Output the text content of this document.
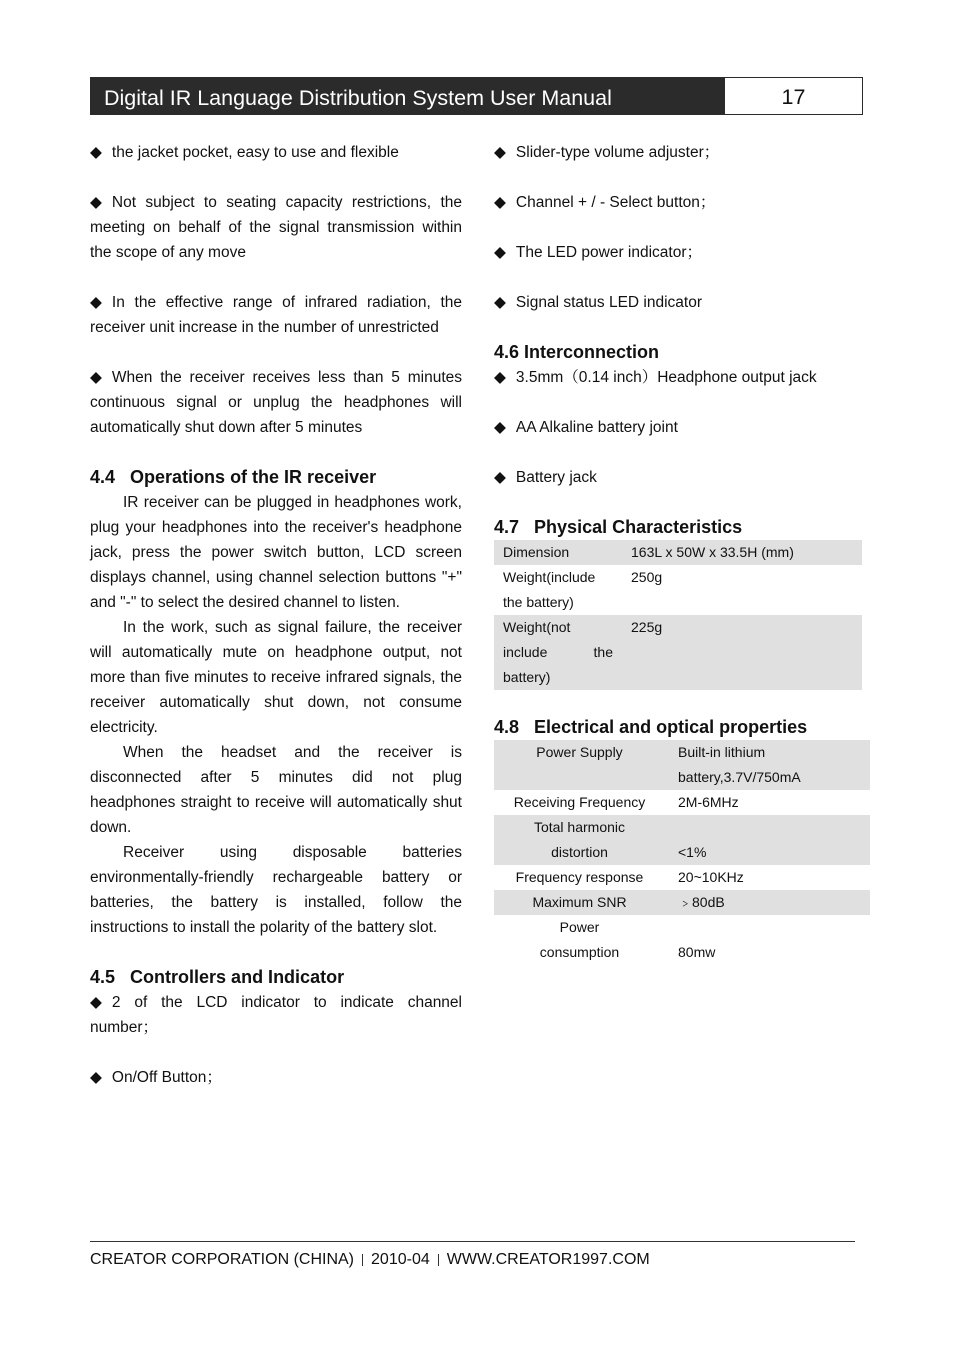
Digital IR Language Distribution System User Manual	17

◆ the jacket pocket, easy to use and flexible

◆ Not subject to seating capacity restrictions, the meeting on behalf of the signal transmission within the scope of any move

◆ In the effective range of infrared radiation, the receiver unit increase in the number of unrestricted

◆ When the receiver receives less than 5 minutes continuous signal or unplug the headphones will automatically shut down after 5 minutes

4.4 Operations of the IR receiver

IR receiver can be plugged in headphones work, plug your headphones into the receiver's headphone jack, press the power switch button, LCD screen displays channel, using channel selection buttons "+" and "-" to select the desired channel to listen.

In the work, such as signal failure, the receiver will automatically mute on headphone output, not more than five minutes to receive infrared signals, the receiver automatically shut down, not consume electricity.

When the headset and the receiver is disconnected after 5 minutes did not plug headphones straight to receive will automatically shut down.

Receiver using disposable batteries environmentally-friendly rechargeable battery or batteries, the battery is installed, follow the instructions to install the polarity of the battery slot.

4.5 Controllers and Indicator

◆ 2 of the LCD indicator to indicate channel number；

◆ On/Off Button；

◆ Slider-type volume adjuster；

◆ Channel + / - Select button；

◆ The LED power indicator；

◆ Signal status LED indicator

4.6 Interconnection

◆ 3.5mm（0.14 inch）Headphone output jack

◆ AA Alkaline battery joint

◆ Battery jack

4.7 Physical Characteristics

Dimension	163L x 50W x 33.5H (mm)
Weight(include the battery)	250g
Weight(not include the battery)	225g

4.8 Electrical and optical properties

Power Supply	Built-in lithium battery,3.7V/750mA
Receiving Frequency	2M-6MHz
Total harmonic distortion	<1%
Frequency response	20~10KHz
Maximum SNR	﹥80dB
Power consumption	80mw
CREATOR CORPORATION (CHINA) 2010-04 WWW.CREATOR1997.COM
